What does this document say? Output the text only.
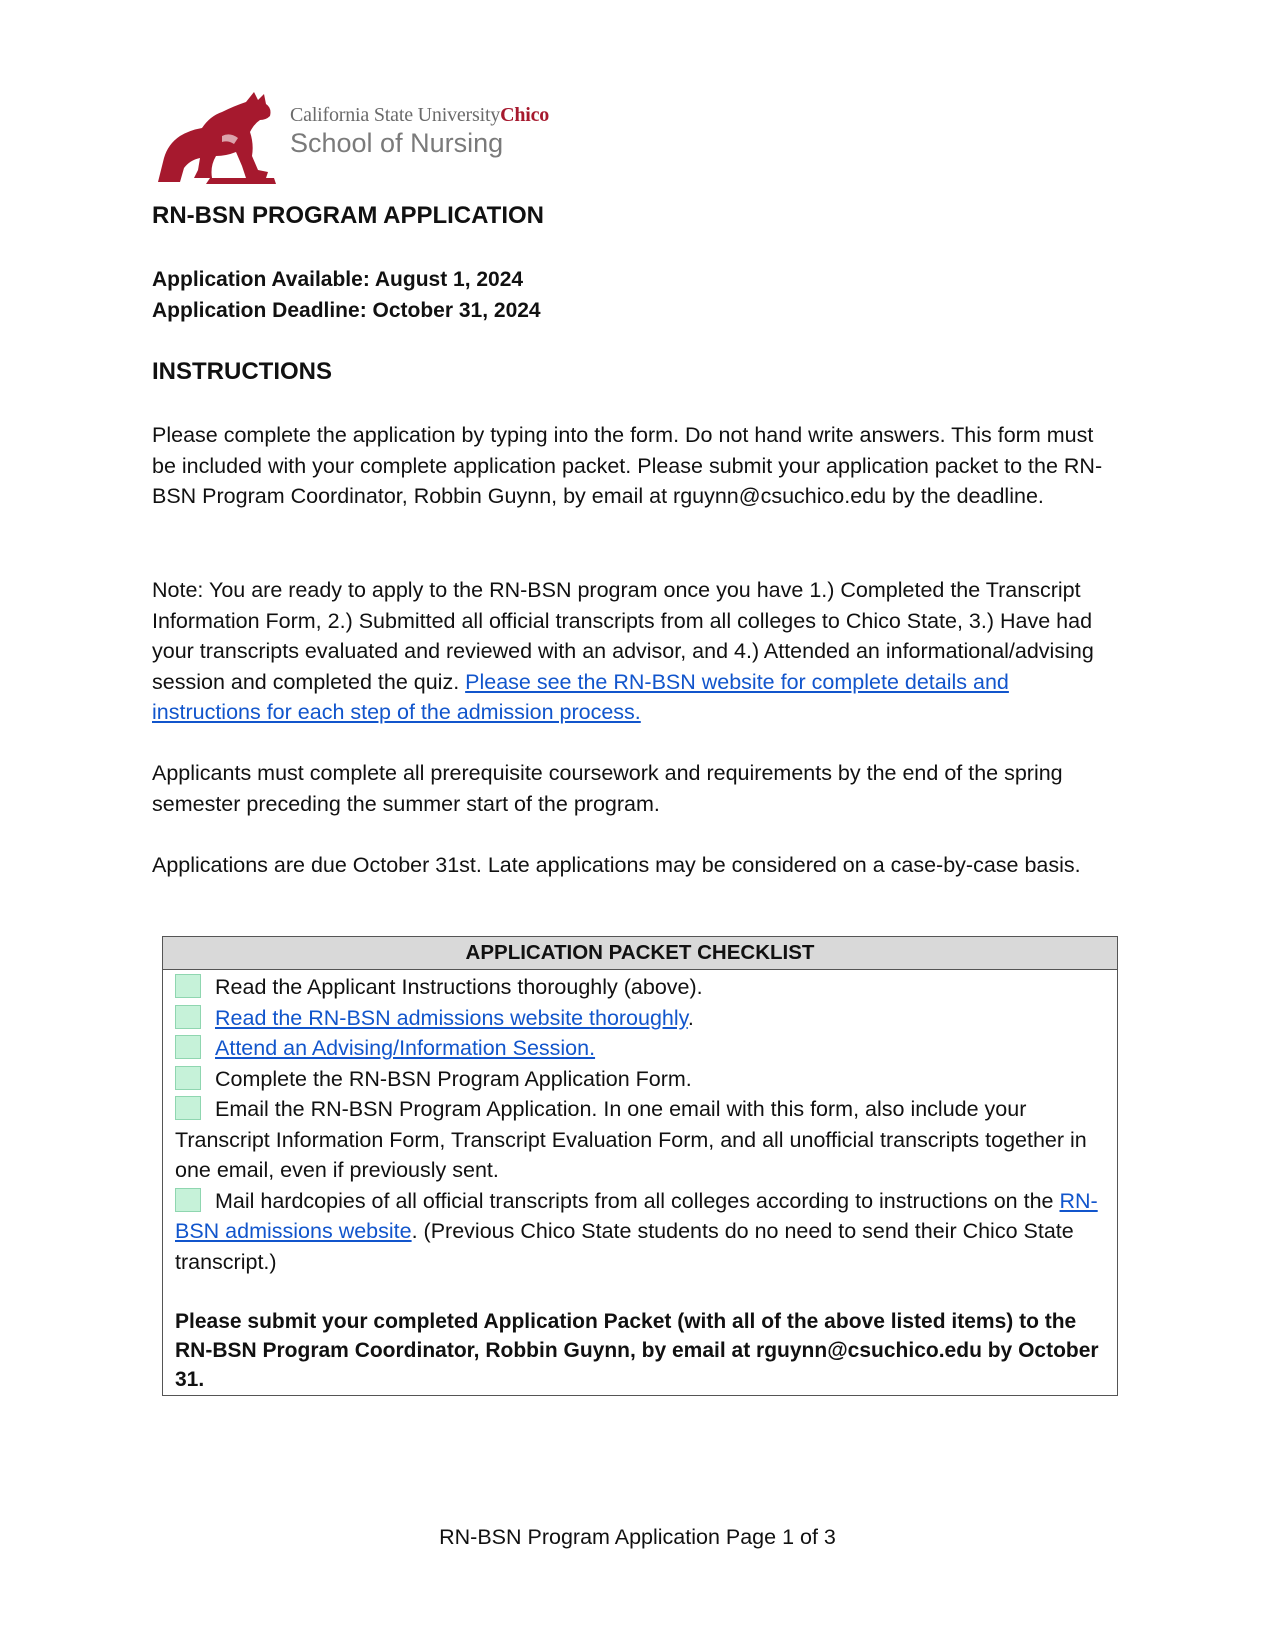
California State UniversityChico
School of Nursing
RN-BSN PROGRAM APPLICATION
Application Available: August 1, 2024
Application Deadline: October 31, 2024
INSTRUCTIONS
Please complete the application by typing into the form. Do not hand write answers. This form must be included with your complete application packet. Please submit your application packet to the RN-BSN Program Coordinator, Robbin Guynn, by email at rguynn@csuchico.edu by the deadline.
Note: You are ready to apply to the RN-BSN program once you have 1.) Completed the Transcript Information Form, 2.) Submitted all official transcripts from all colleges to Chico State, 3.) Have had your transcripts evaluated and reviewed with an advisor, and 4.) Attended an informational/advising session and completed the quiz. Please see the RN-BSN website for complete details and instructions for each step of the admission process.
Applicants must complete all prerequisite coursework and requirements by the end of the spring semester preceding the summer start of the program.
Applications are due October 31st. Late applications may be considered on a case-by-case basis.
APPLICATION PACKET CHECKLIST
Read the Applicant Instructions thoroughly (above).
Read the RN-BSN admissions website thoroughly.
Attend an Advising/Information Session.
Complete the RN-BSN Program Application Form.
Email the RN-BSN Program Application. In one email with this form, also include your Transcript Information Form, Transcript Evaluation Form, and all unofficial transcripts together in one email, even if previously sent.
Mail hardcopies of all official transcripts from all colleges according to instructions on the RN-BSN admissions website. (Previous Chico State students do no need to send their Chico State transcript.)
Please submit your completed Application Packet (with all of the above listed items) to the RN-BSN Program Coordinator, Robbin Guynn, by email at rguynn@csuchico.edu by October 31.
RN-BSN Program Application Page 1 of 3
